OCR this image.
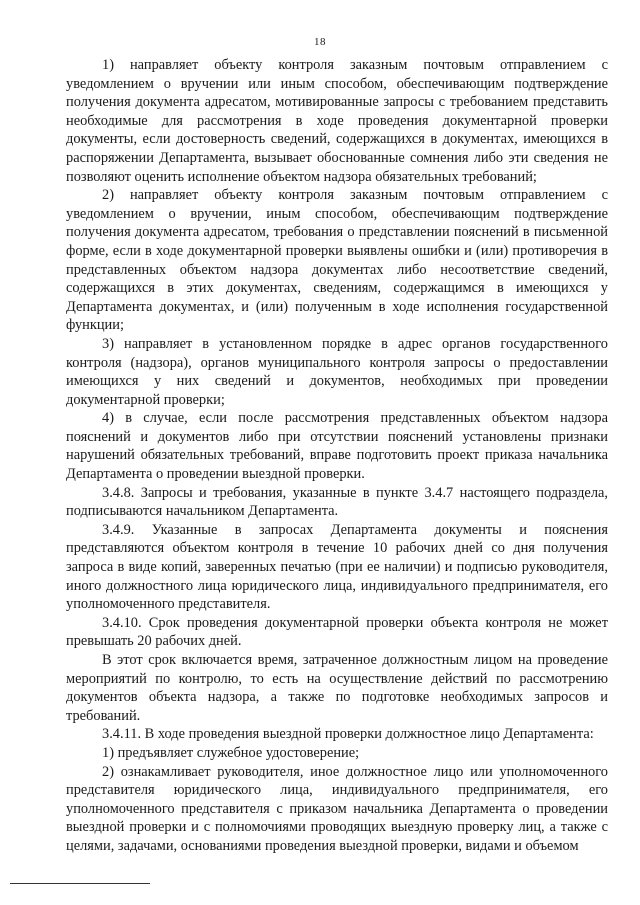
18

1) направляет объекту контроля заказным почтовым отправлением с уведомлением о вручении или иным способом, обеспечивающим подтверждение получения документа адресатом, мотивированные запросы с требованием представить необходимые для рассмотрения в ходе проведения документарной проверки документы, если достоверность сведений, содержащихся в документах, имеющихся в распоряжении Департамента, вызывает обоснованные сомнения либо эти сведения не позволяют оценить исполнение объектом надзора обязательных требований;

2) направляет объекту контроля заказным почтовым отправлением с уведомлением о вручении, иным способом, обеспечивающим подтверждение получения документа адресатом, требования о представлении пояснений в письменной форме, если в ходе документарной проверки выявлены ошибки и (или) противоречия в представленных объектом надзора документах либо несоответствие сведений, содержащихся в этих документах, сведениям, содержащимся в имеющихся у Департамента документах, и (или) полученным в ходе исполнения государственной функции;

3) направляет в установленном порядке в адрес органов государственного контроля (надзора), органов муниципального контроля запросы о предоставлении имеющихся у них сведений и документов, необходимых при проведении документарной проверки;

4) в случае, если после рассмотрения представленных объектом надзора пояснений и документов либо при отсутствии пояснений установлены признаки нарушений обязательных требований, вправе подготовить проект приказа начальника Департамента о проведении выездной проверки.

3.4.8. Запросы и требования, указанные в пункте 3.4.7 настоящего подраздела, подписываются начальником Департамента.

3.4.9. Указанные в запросах Департамента документы и пояснения представляются объектом контроля в течение 10 рабочих дней со дня получения запроса в виде копий, заверенных печатью (при ее наличии) и подписью руководителя, иного должностного лица юридического лица, индивидуального предпринимателя, его уполномоченного представителя.

3.4.10. Срок проведения документарной проверки объекта контроля не может превышать 20 рабочих дней.

В этот срок включается время, затраченное должностным лицом на проведение мероприятий по контролю, то есть на осуществление действий по рассмотрению документов объекта надзора, а также по подготовке необходимых запросов и требований.

3.4.11. В ходе проведения выездной проверки должностное лицо Департамента:

1) предъявляет служебное удостоверение;

2) ознакамливает руководителя, иное должностное лицо или уполномоченного представителя юридического лица, индивидуального предпринимателя, его уполномоченного представителя с приказом начальника Департамента о проведении выездной проверки и с полномочиями проводящих выездную проверку лиц, а также с целями, задачами, основаниями проведения выездной проверки, видами и объемом
